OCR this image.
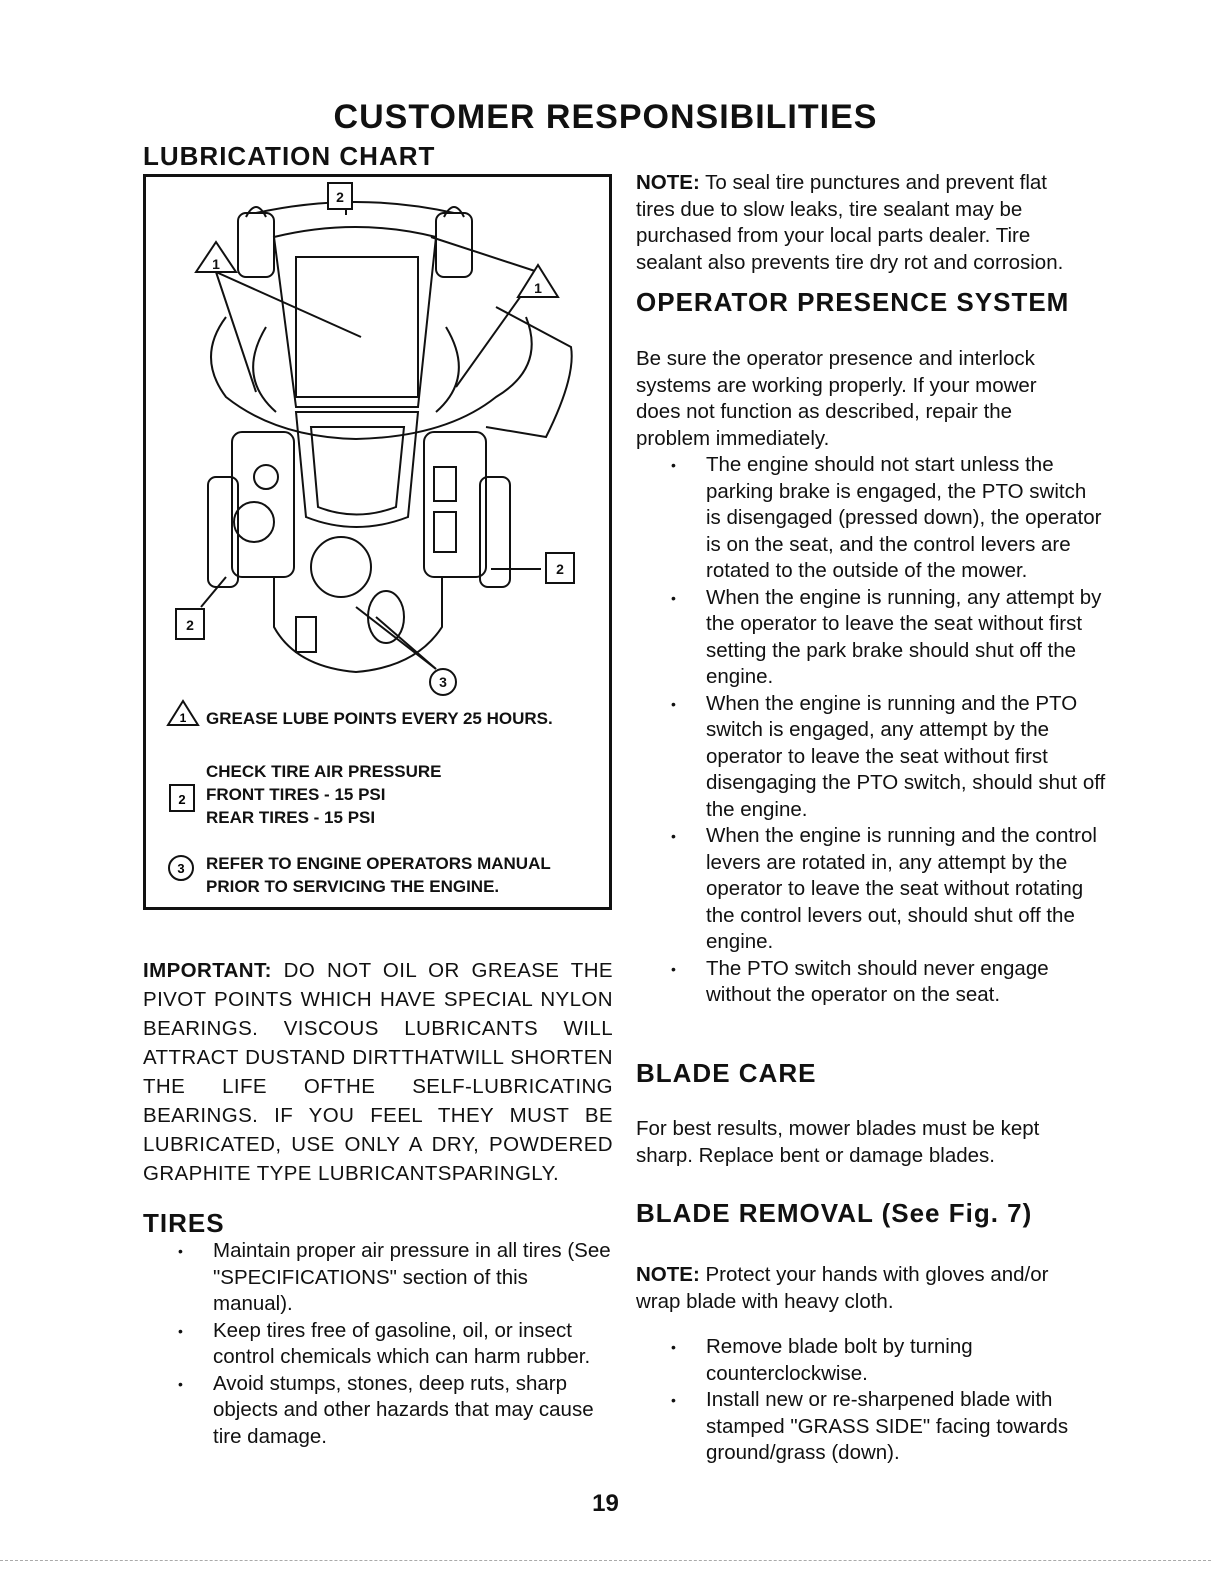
CUSTOMER RESPONSIBILITIES
LUBRICATION CHART
1
1
2
2
2
3
1 GREASE LUBE POINTS EVERY 25 HOURS.
2
CHECK TIRE AIR PRESSURE
FRONT TIRES - 15 PSI
REAR TIRES - 15 PSI
3 REFER TO ENGINE OPERATORS MANUAL
PRIOR TO SERVICING THE ENGINE.
IMPORTANT: DO NOT OIL OR GREASE THE PIVOT POINTS WHICH HAVE SPECIAL NYLON BEARINGS. VISCOUS LUBRICANTS WILL ATTRACT DUSTAND DIRTTHATWILL SHORTEN THE LIFE OFTHE SELF-LUBRICATING BEARINGS. IF YOU FEEL THEY MUST BE LUBRICATED, USE ONLY A DRY, POWDERED GRAPHITE TYPE LUBRICANTSPARINGLY.
TIRES
• Maintain proper air pressure in all tires (See "SPECIFICATIONS" section of this manual).
• Keep tires free of gasoline, oil, or insect control chemicals which can harm rubber.
• Avoid stumps, stones, deep ruts, sharp objects and other hazards that may cause tire damage.
NOTE: To seal tire punctures and prevent flat tires due to slow leaks, tire sealant may be purchased from your local parts dealer. Tire sealant also prevents tire dry rot and corrosion.
OPERATOR PRESENCE SYSTEM
Be sure the operator presence and interlock systems are working properly. If your mower does not function as described, repair the problem immediately.
• The engine should not start unless the parking brake is engaged, the PTO switch is disengaged (pressed down), the operator is on the seat, and the control levers are rotated to the outside of the mower.
• When the engine is running, any attempt by the operator to leave the seat without first setting the park brake should shut off the engine.
• When the engine is running and the PTO switch is engaged, any attempt by the operator to leave the seat without first disengaging the PTO switch, should shut off the engine.
• When the engine is running and the control levers are rotated in, any attempt by the operator to leave the seat without rotating the control levers out, should shut off the engine.
• The PTO switch should never engage without the operator on the seat.
BLADE CARE
For best results, mower blades must be kept sharp. Replace bent or damage blades.
BLADE REMOVAL (See Fig. 7)
NOTE: Protect your hands with gloves and/or wrap blade with heavy cloth.
• Remove blade bolt by turning counterclockwise.
• Install new or re-sharpened blade with stamped "GRASS SIDE" facing towards ground/grass (down).
19
